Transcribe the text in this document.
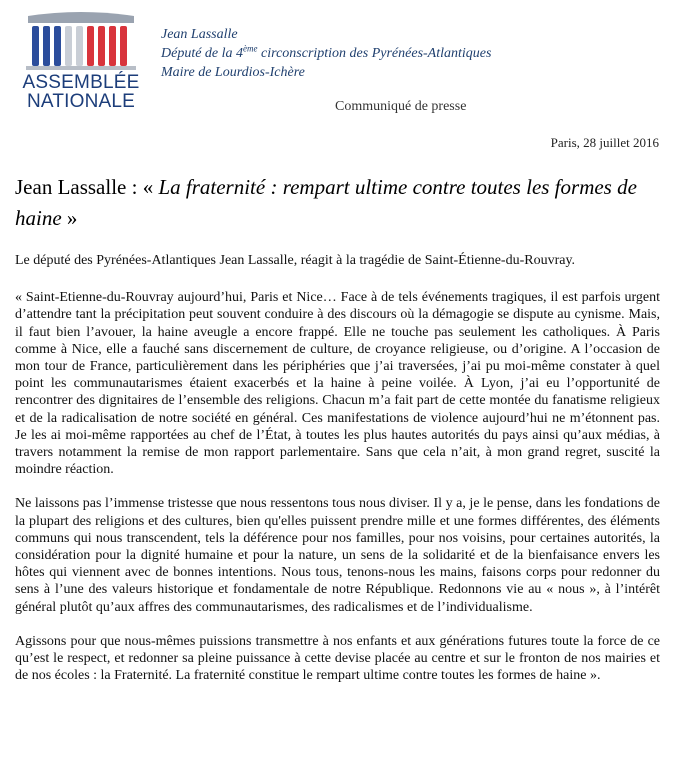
ASSEMBLÉE
NATIONALE
Jean Lassalle
Député de la 4ème circonscription des Pyrénées-Atlantiques
Maire de Lourdios-Ichère
Communiqué de presse
Paris, 28 juillet 2016
Jean Lassalle : « La fraternité : rempart ultime contre toutes les formes de haine »

Le député des Pyrénées-Atlantiques Jean Lassalle, réagit à la tragédie de Saint-Étienne-du-Rouvray.

« Saint-Etienne-du-Rouvray aujourd’hui, Paris et Nice… Face à de tels événements tragiques, il est parfois urgent d’attendre tant la précipitation peut souvent conduire à des discours où la démagogie se dispute au cynisme. Mais, il faut bien l’avouer, la haine aveugle a encore frappé. Elle ne touche pas seulement les catholiques. À Paris comme à Nice, elle a fauché sans discernement de culture, de croyance religieuse, ou d’origine. A l’occasion de mon tour de France, particulièrement dans les périphéries que j’ai traversées, j’ai pu moi-même constater à quel point les communautarismes étaient exacerbés et la haine à peine voilée. À Lyon, j’ai eu l’opportunité de rencontrer des dignitaires de l’ensemble des religions. Chacun m’a fait part de cette montée du fanatisme religieux et de la radicalisation de notre société en général. Ces manifestations de violence aujourd’hui ne m’étonnent pas. Je les ai moi-même rapportées au chef de l’État, à toutes les plus hautes autorités du pays ainsi qu’aux médias, à travers notamment la remise de mon rapport parlementaire. Sans que cela n’ait, à mon grand regret, suscité la moindre réaction.

Ne laissons pas l’immense tristesse que nous ressentons tous nous diviser. Il y a, je le pense, dans les fondations de la plupart des religions et des cultures, bien qu'elles puissent prendre mille et une formes différentes, des éléments communs qui nous transcendent, tels la déférence pour nos familles, pour nos voisins, pour certaines autorités, la considération pour la dignité humaine et pour la nature, un sens de la solidarité et de la bienfaisance envers les hôtes qui viennent avec de bonnes intentions. Nous tous, tenons-nous les mains, faisons corps pour redonner du sens à l’une des valeurs historique et fondamentale de notre République. Redonnons vie au « nous », à l’intérêt général plutôt qu’aux affres des communautarismes, des radicalismes et de l’individualisme.

Agissons pour que nous-mêmes puissions transmettre à nos enfants et aux générations futures toute la force de ce qu’est le respect, et redonner sa pleine puissance à cette devise placée au centre et sur le fronton de nos mairies et de nos écoles : la Fraternité. La fraternité constitue le rempart ultime contre toutes les formes de haine ».
